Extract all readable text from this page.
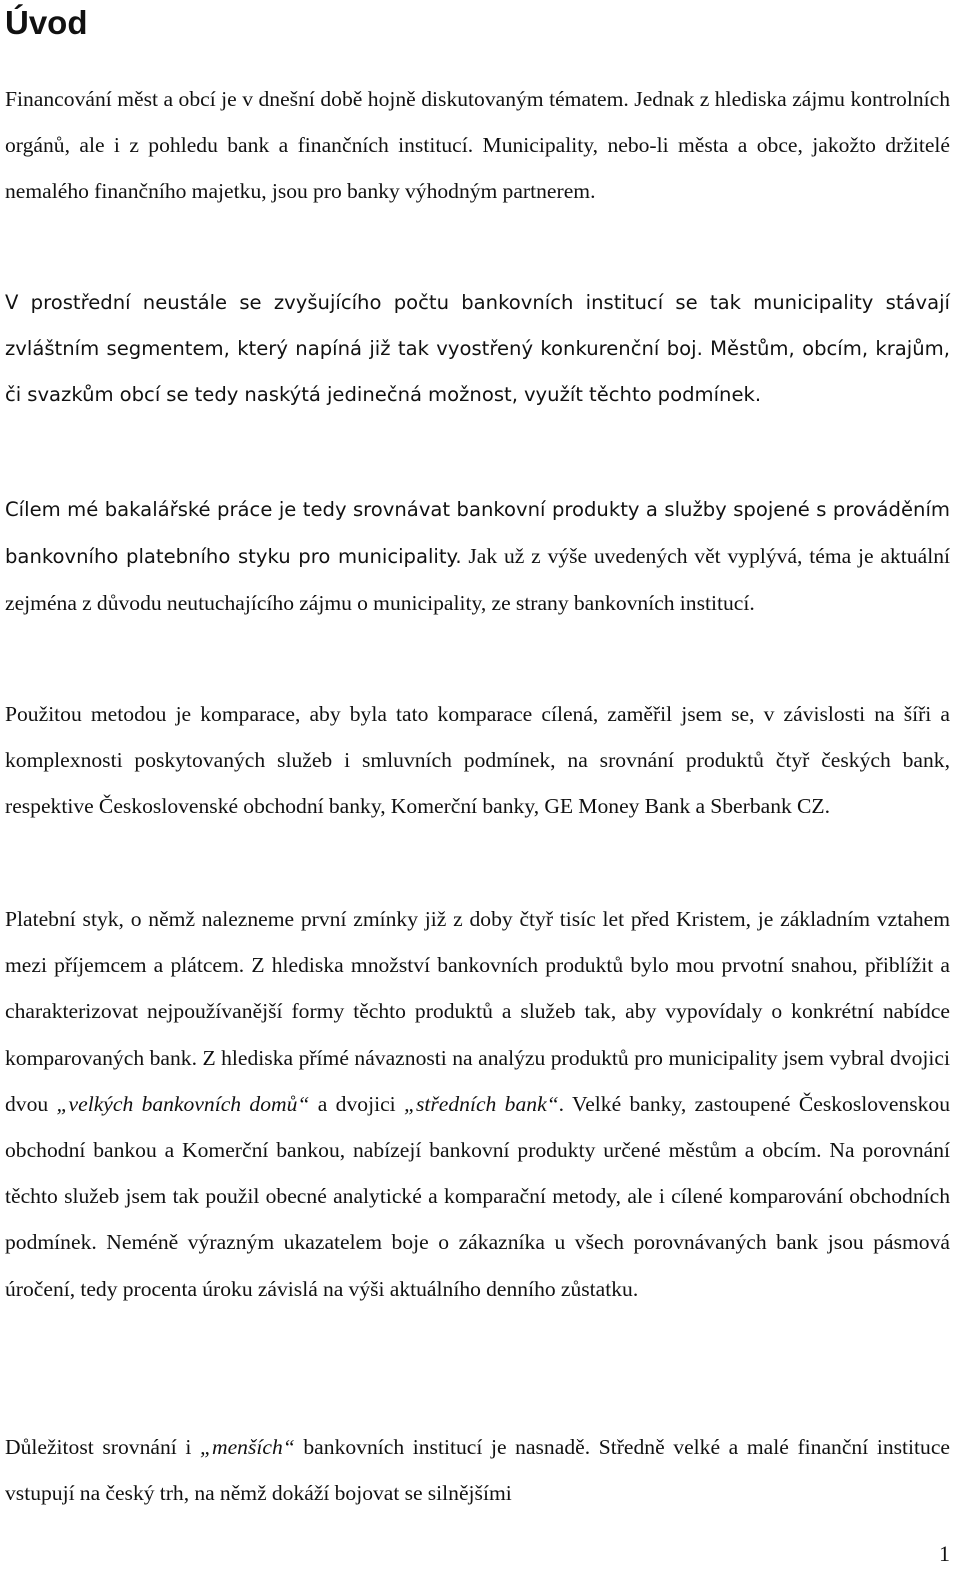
Úvod

Financování měst a obcí je v dnešní době hojně diskutovaným tématem. Jednak z hlediska zájmu kontrolních orgánů, ale i z pohledu bank a finančních institucí. Municipality, nebo-li města a obce, jakožto držitelé nemalého finančního majetku, jsou pro banky výhodným partnerem.

V prostřední neustále se zvyšujícího počtu bankovních institucí se tak municipality stávají zvláštním segmentem, který napíná již tak vyostřený konkurenční boj. Městům, obcím, krajům, či svazkům obcí se tedy naskýtá jedinečná možnost, využít těchto podmínek.

Cílem mé bakalářské práce je tedy srovnávat bankovní produkty a služby spojené s prováděním bankovního platebního styku pro municipality. Jak už z výše uvedených vět vyplývá, téma je aktuální zejména z důvodu neutuchajícího zájmu o municipality, ze strany bankovních institucí.

Použitou metodou je komparace, aby byla tato komparace cílená, zaměřil jsem se, v závislosti na šíři a komplexnosti poskytovaných služeb i smluvních podmínek, na srovnání produktů čtyř českých bank, respektive Československé obchodní banky, Komerční banky, GE Money Bank a Sberbank CZ.

Platební styk, o němž nalezneme první zmínky již z doby čtyř tisíc let před Kristem, je základním vztahem mezi příjemcem a plátcem. Z hlediska množství bankovních produktů bylo mou prvotní snahou, přiblížit a charakterizovat nejpoužívanější formy těchto produktů a služeb tak, aby vypovídaly o konkrétní nabídce komparovaných bank. Z hlediska přímé návaznosti na analýzu produktů pro municipality jsem vybral dvojici dvou „velkých bankovních domů“ a dvojici „středních bank“. Velké banky, zastoupené Československou obchodní bankou a Komerční bankou, nabízejí bankovní produkty určené městům a obcím. Na porovnání těchto služeb jsem tak použil obecné analytické a komparační metody, ale i cílené komparování obchodních podmínek. Neméně výrazným ukazatelem boje o zákazníka u všech porovnávaných bank jsou pásmová úročení, tedy procenta úroku závislá na výši aktuálního denního zůstatku.

Důležitost srovnání i „menších“ bankovních institucí je nasnadě. Středně velké a malé finanční instituce vstupují na český trh, na němž dokáží bojovat se silnějšími

1
